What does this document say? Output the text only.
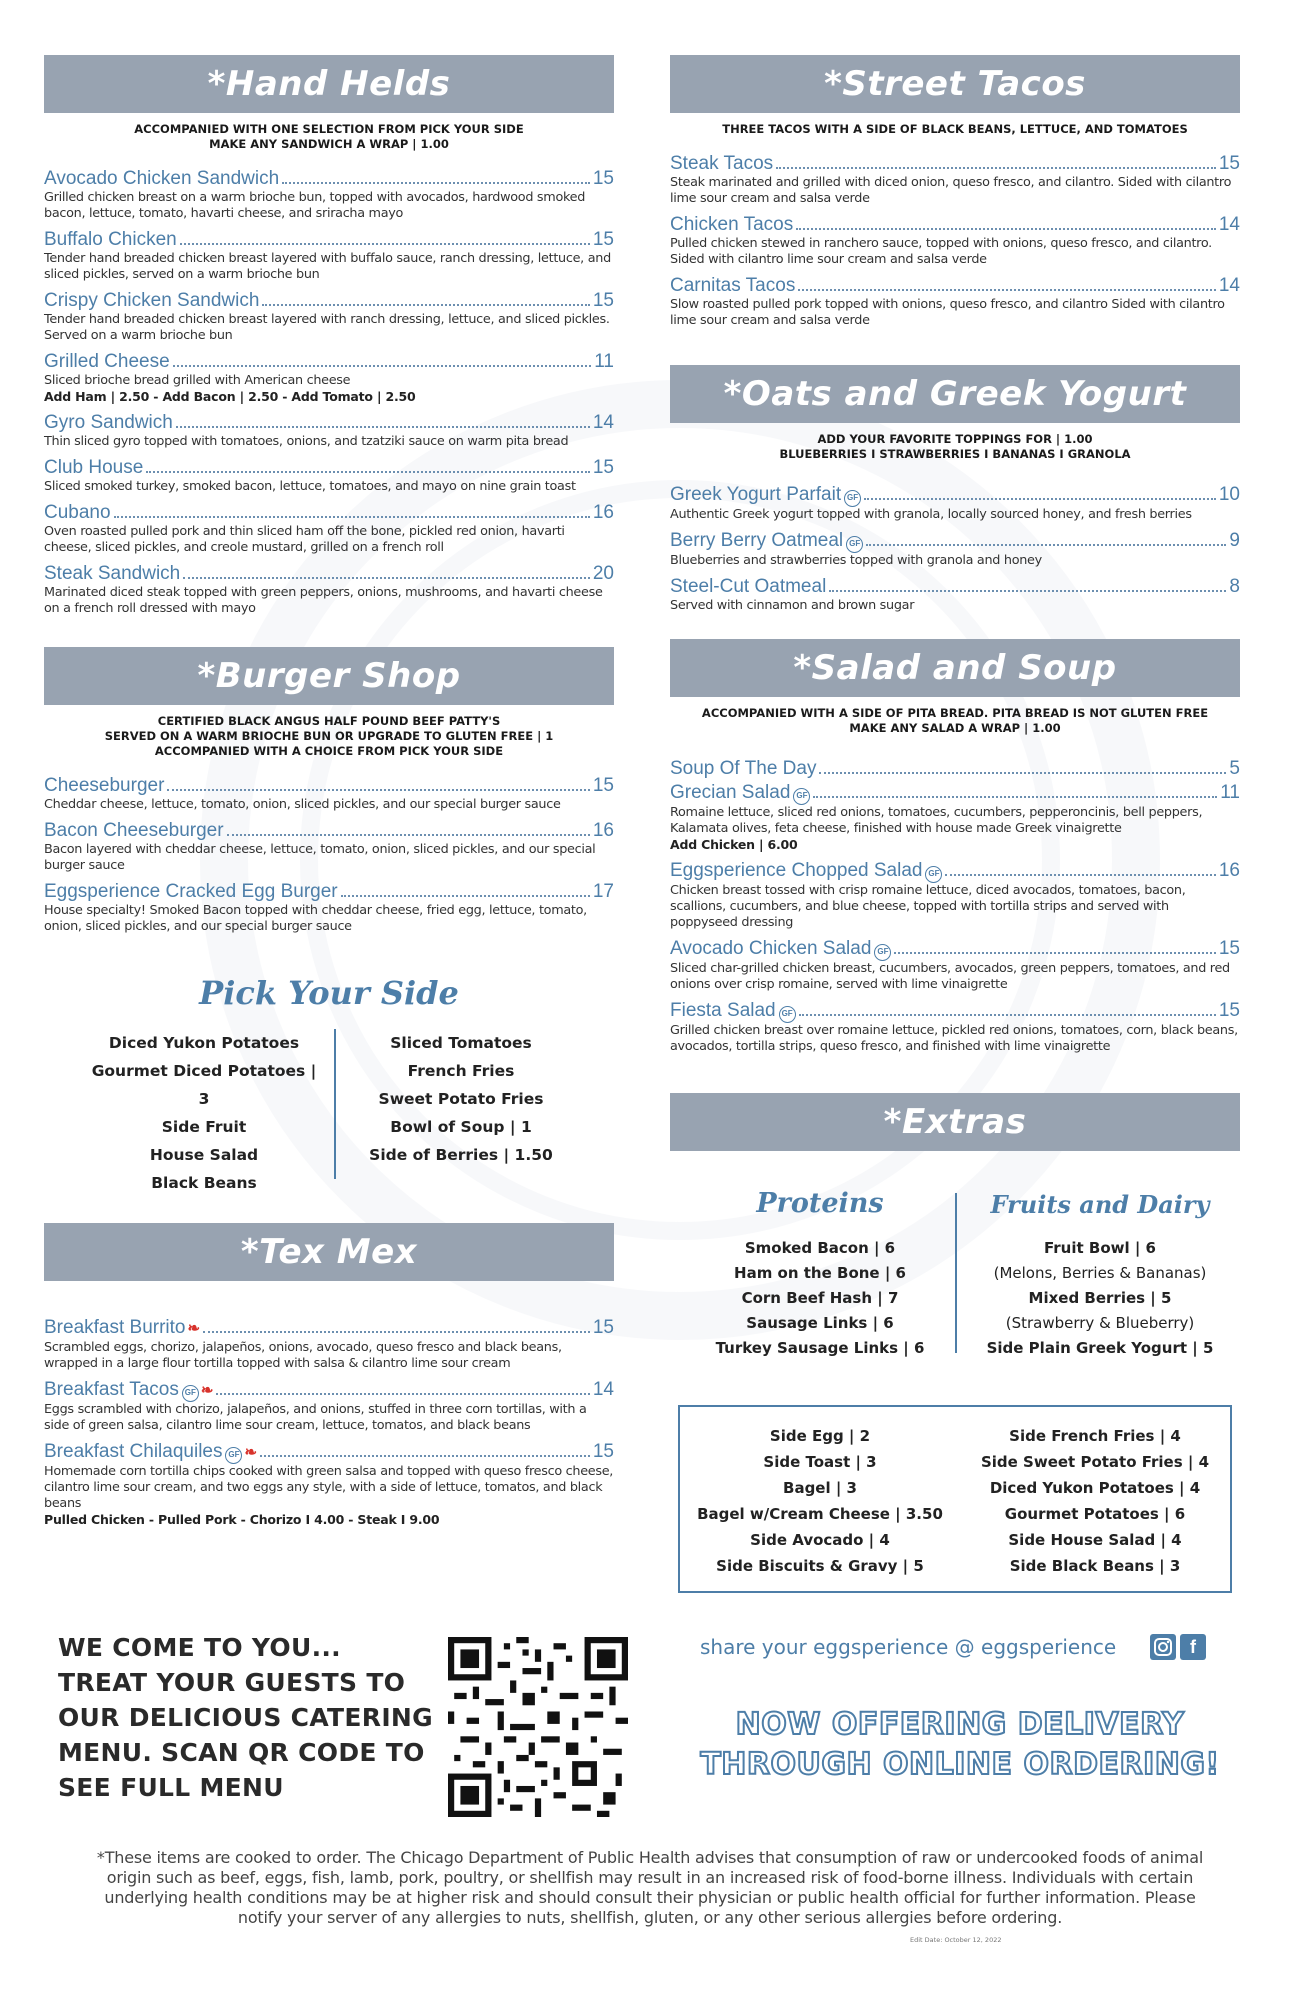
*Hand Helds
ACCOMPANIED WITH ONE SELECTION FROM PICK YOUR SIDE
MAKE ANY SANDWICH A WRAP | 1.00
Avocado Chicken Sandwich	15
Grilled chicken breast on a warm brioche bun, topped with avocados, hardwood smoked bacon, lettuce, tomato, havarti cheese, and sriracha mayo
Buffalo Chicken	15
Tender hand breaded chicken breast layered with buffalo sauce, ranch dressing, lettuce, and sliced pickles, served on a warm brioche bun
Crispy Chicken Sandwich	15
Tender hand breaded chicken breast layered with ranch dressing, lettuce, and sliced pickles. Served on a warm brioche bun
Grilled Cheese	11
Sliced brioche bread grilled with American cheese
Add Ham | 2.50 - Add Bacon | 2.50 - Add Tomato | 2.50
Gyro Sandwich	14
Thin sliced gyro topped with tomatoes, onions, and tzatziki sauce on warm pita bread
Club House	15
Sliced smoked turkey, smoked bacon, lettuce, tomatoes, and mayo on nine grain toast
Cubano	16
Oven roasted pulled pork and thin sliced ham off the bone, pickled red onion, havarti cheese, sliced pickles, and creole mustard, grilled on a french roll
Steak Sandwich	20
Marinated diced steak topped with green peppers, onions, mushrooms, and havarti cheese on a french roll dressed with mayo
*Burger Shop
CERTIFIED BLACK ANGUS HALF POUND BEEF PATTY'S
SERVED ON A WARM BRIOCHE BUN OR UPGRADE TO GLUTEN FREE | 1
ACCOMPANIED WITH A CHOICE FROM PICK YOUR SIDE
Cheeseburger	15
Cheddar cheese, lettuce, tomato, onion, sliced pickles, and our special burger sauce
Bacon Cheeseburger	16
Bacon layered with cheddar cheese, lettuce, tomato, onion, sliced pickles, and our special burger sauce
Eggsperience Cracked Egg Burger	17
House specialty! Smoked Bacon topped with cheddar cheese, fried egg, lettuce, tomato, onion, sliced pickles, and our special burger sauce
Pick Your Side
Diced Yukon Potatoes
Gourmet Diced Potatoes | 3
Side Fruit
House Salad
Black Beans
Sliced Tomatoes
French Fries
Sweet Potato Fries
Bowl of Soup | 1
Side of Berries | 1.50
*Tex Mex
Breakfast Burrito ❧	15
Scrambled eggs, chorizo, jalapeños, onions, avocado, queso fresco and black beans, wrapped in a large flour tortilla topped with salsa & cilantro lime sour cream
Breakfast Tacos GF ❧	14
Eggs scrambled with chorizo, jalapeños, and onions, stuffed in three corn tortillas, with a side of green salsa, cilantro lime sour cream, lettuce, tomatos, and black beans
Breakfast Chilaquiles GF ❧	15
Homemade corn tortilla chips cooked with green salsa and topped with queso fresco cheese, cilantro lime sour cream, and two eggs any style, with a side of lettuce, tomatos, and black beans
Pulled Chicken - Pulled Pork - Chorizo I 4.00 - Steak I 9.00
*Street Tacos
THREE TACOS WITH A SIDE OF BLACK BEANS, LETTUCE, AND TOMATOES
Steak Tacos	15
Steak marinated and grilled with diced onion, queso fresco, and cilantro. Sided with cilantro lime sour cream and salsa verde
Chicken Tacos	14
Pulled chicken stewed in ranchero sauce, topped with onions, queso fresco, and cilantro. Sided with cilantro lime sour cream and salsa verde
Carnitas Tacos	14
Slow roasted pulled pork topped with onions, queso fresco, and cilantro Sided with cilantro lime sour cream and salsa verde
*Oats and Greek Yogurt
ADD YOUR FAVORITE TOPPINGS FOR | 1.00
BLUEBERRIES I STRAWBERRIES I BANANAS I GRANOLA
Greek Yogurt Parfait GF	10
Authentic Greek yogurt topped with granola, locally sourced honey, and fresh berries
Berry Berry Oatmeal GF	9
Blueberries and strawberries topped with granola and honey
Steel-Cut Oatmeal	8
Served with cinnamon and brown sugar
*Salad and Soup
ACCOMPANIED WITH A SIDE OF PITA BREAD. PITA BREAD IS NOT GLUTEN FREE
MAKE ANY SALAD A WRAP | 1.00
Soup Of The Day	5
Grecian Salad GF	11
Romaine lettuce, sliced red onions, tomatoes, cucumbers, pepperoncinis, bell peppers, Kalamata olives, feta cheese, finished with house made Greek vinaigrette
Add Chicken | 6.00
Eggsperience Chopped Salad GF	16
Chicken breast tossed with crisp romaine lettuce, diced avocados, tomatoes, bacon, scallions, cucumbers, and blue cheese, topped with tortilla strips and served with poppyseed dressing
Avocado Chicken Salad GF	15
Sliced char-grilled chicken breast, cucumbers, avocados, green peppers, tomatoes, and red onions over crisp romaine, served with lime vinaigrette
Fiesta Salad GF	15
Grilled chicken breast over romaine lettuce, pickled red onions, tomatoes, corn, black beans, avocados, tortilla strips, queso fresco, and finished with lime vinaigrette
*Extras
Proteins
Smoked Bacon | 6
Ham on the Bone | 6
Corn Beef Hash | 7
Sausage Links | 6
Turkey Sausage Links | 6
Fruits and Dairy
Fruit Bowl | 6
(Melons, Berries & Bananas)
Mixed Berries | 5
(Strawberry & Blueberry)
Side Plain Greek Yogurt | 5
Side Egg | 2
Side Toast | 3
Bagel | 3
Bagel w/Cream Cheese | 3.50
Side Avocado | 4
Side Biscuits & Gravy | 5
Side French Fries | 4
Side Sweet Potato Fries | 4
Diced Yukon Potatoes | 4
Gourmet Potatoes | 6
Side House Salad | 4
Side Black Beans | 3
WE COME TO YOU... TREAT YOUR GUESTS TO OUR DELICIOUS CATERING MENU. SCAN QR CODE TO SEE FULL MENU
share your eggsperience @ eggsperience	f
NOW OFFERING DELIVERY
THROUGH ONLINE ORDERING!
*These items are cooked to order. The Chicago Department of Public Health advises that consumption of raw or undercooked foods of animal origin such as beef, eggs, fish, lamb, pork, poultry, or shellfish may result in an increased risk of food-borne illness. Individuals with certain underlying health conditions may be at higher risk and should consult their physician or public health official for further information. Please notify your server of any allergies to nuts, shellfish, gluten, or any other serious allergies before ordering.
Edit Date: October 12, 2022
